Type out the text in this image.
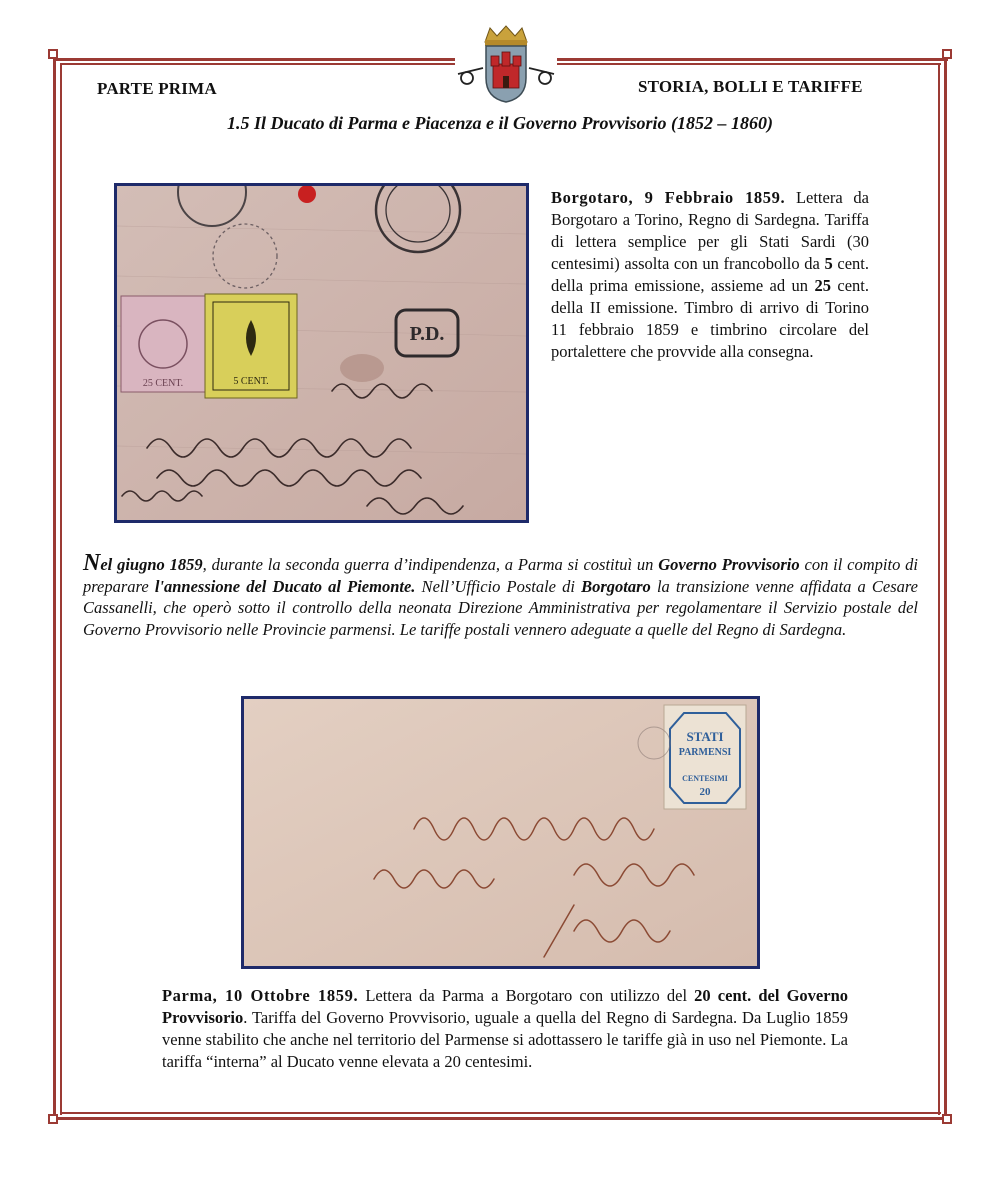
PARTE PRIMA	STORIA, BOLLI E TARIFFE
1.5 Il Ducato di Parma e Piacenza e il Governo Provvisorio (1852 – 1860)
P.D.
25 CENT.	5 CENT.
Borgotaro, 9 Febbraio 1859. Lettera da Borgotaro a Torino, Regno di Sardegna. Tariffa di lettera semplice per gli Stati Sardi (30 centesimi) assolta con un francobollo da 5 cent. della prima emissione, assieme ad un 25 cent. della II emissione. Timbro di arrivo di Torino 11 febbraio 1859 e timbrino circolare del portalettere che provvide alla consegna.
Nel giugno 1859, durante la seconda guerra d’indipendenza, a Parma si costituì un Governo Provvisorio con il compito di preparare l'annessione del Ducato al Piemonte. Nell’Ufficio Postale di Borgotaro la transizione venne affidata a Cesare Cassanelli, che operò sotto il controllo della neonata Direzione Amministrativa per regolamentare il Servizio postale del Governo Provvisorio nelle Provincie parmensi. Le tariffe postali vennero adeguate a quelle del Regno di Sardegna.
STATI
PARMENSI
CENTESIMI
20
Parma, 10 Ottobre 1859. Lettera da Parma a Borgotaro con utilizzo del 20 cent. del Governo Provvisorio. Tariffa del Governo Provvisorio, uguale a quella del Regno di Sardegna. Da Luglio 1859 venne stabilito che anche nel territorio del Parmense si adottassero le tariffe già in uso nel Piemonte. La tariffa “interna” al Ducato venne elevata a 20 centesimi.
